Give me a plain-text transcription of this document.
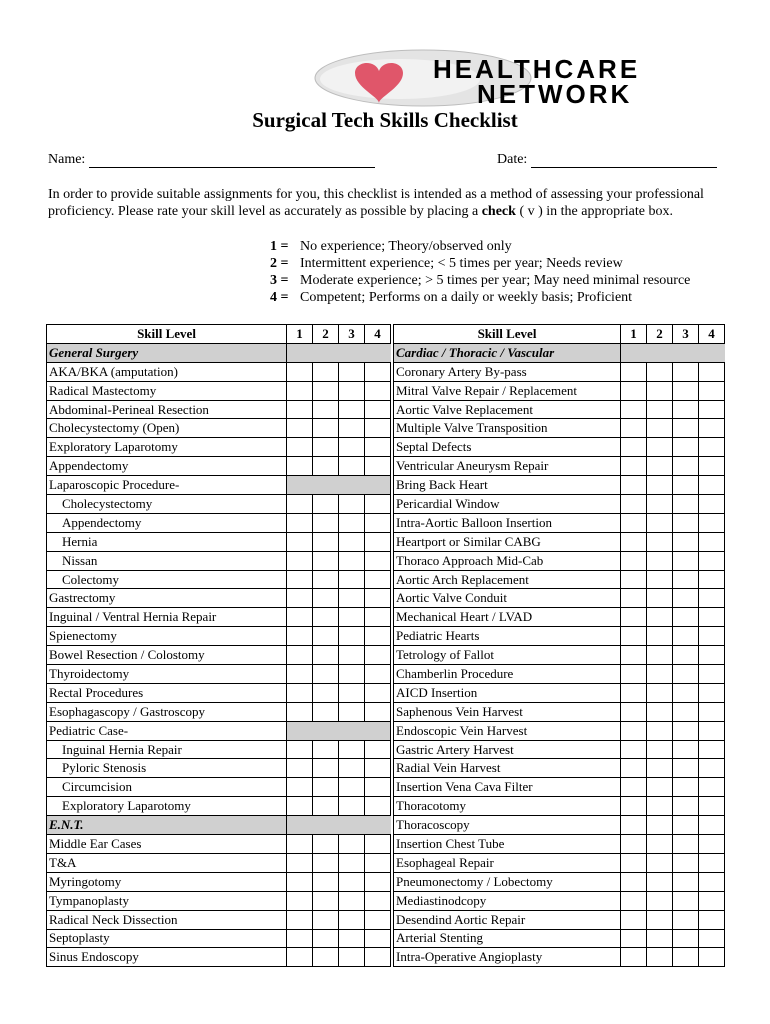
HEALTHCARE
NETWORK
Surgical Tech Skills Checklist
Name:	Date:
In order to provide suitable assignments for you, this checklist is intended as a method of assessing your professional proficiency. Please rate your skill level as accurately as possible by placing a check ( v ) in the appropriate box.
1 = No experience; Theory/observed only
2 = Intermittent experience; < 5 times per year; Needs review
3 = Moderate experience; > 5 times per year; May need minimal resource
4 = Competent; Performs on a daily or weekly basis; Proficient
Skill Level	1	2	3	4
General Surgery				
AKA/BKA (amputation)				
Radical Mastectomy				
Abdominal-Perineal Resection				
Cholecystectomy (Open)				
Exploratory Laparotomy				
Appendectomy				
Laparoscopic Procedure-				
Cholecystectomy				
Appendectomy				
Hernia				
Nissan				
Colectomy				
Gastrectomy				
Inguinal / Ventral Hernia Repair				
Spienectomy				
Bowel Resection / Colostomy				
Thyroidectomy				
Rectal Procedures				
Esophagascopy / Gastroscopy				
Pediatric Case-				
Inguinal Hernia Repair				
Pyloric Stenosis				
Circumcision				
Exploratory Laparotomy				
E.N.T.				
Middle Ear Cases				
T&A				
Myringotomy				
Tympanoplasty				
Radical Neck Dissection				
Septoplasty				
Sinus Endoscopy				
Skill Level	1	2	3	4
Cardiac / Thoracic / Vascular				
Coronary Artery By-pass				
Mitral Valve Repair / Replacement				
Aortic Valve Replacement				
Multiple Valve Transposition				
Septal Defects				
Ventricular Aneurysm Repair				
Bring Back Heart				
Pericardial Window				
Intra-Aortic Balloon Insertion				
Heartport or Similar CABG				
Thoraco Approach Mid-Cab				
Aortic Arch Replacement				
Aortic Valve Conduit				
Mechanical Heart / LVAD				
Pediatric Hearts				
Tetrology of Fallot				
Chamberlin Procedure				
AICD Insertion				
Saphenous Vein Harvest				
Endoscopic Vein Harvest				
Gastric Artery Harvest				
Radial Vein Harvest				
Insertion Vena Cava Filter				
Thoracotomy				
Thoracoscopy				
Insertion Chest Tube				
Esophageal Repair				
Pneumonectomy / Lobectomy				
Mediastinodcopy				
Desendind Aortic Repair				
Arterial Stenting				
Intra-Operative Angioplasty				
